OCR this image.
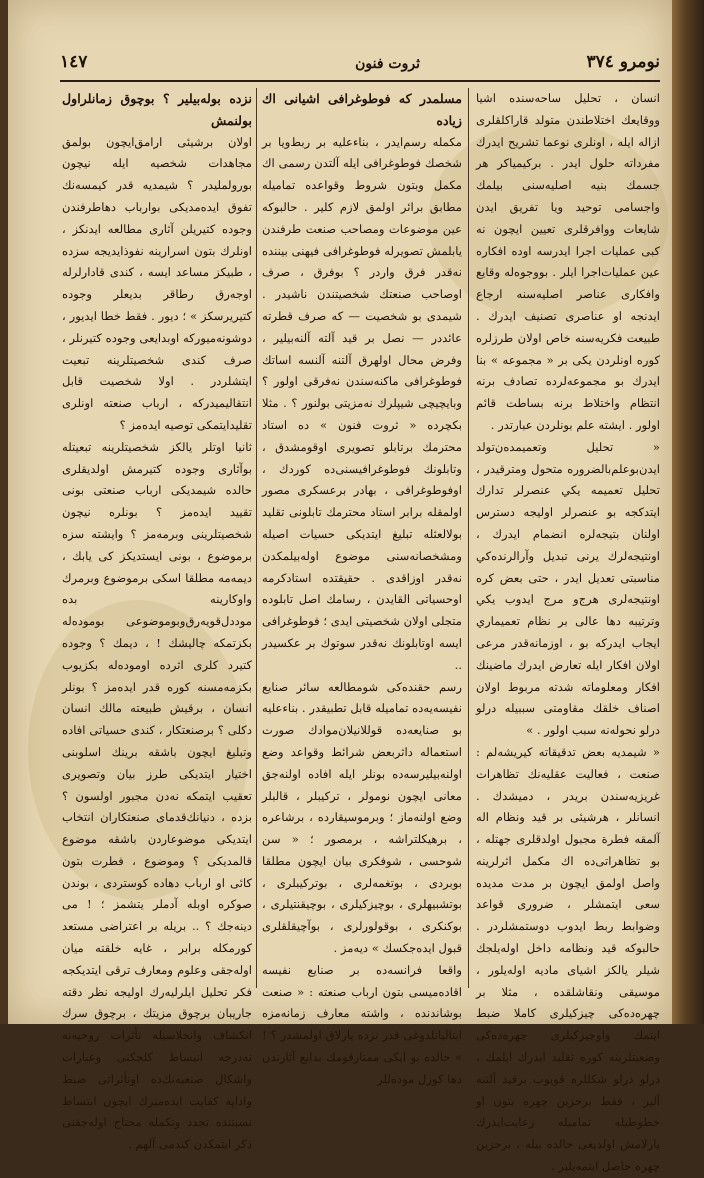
نومرو ٣٧٤
ثروت فنون
١٤٧

انسان ، تحليل ساحه‌سنده اشيا ووقايعك اختلاطندن متولد قاراكلقلرى ازاله ايله ، اونلرى نوعما تشريح ايدرك مفرداته حلول ايدر . بركيمياكر هر جسمك بنيه اصليه‌سنى بيلمك واجسامى توحيد ويا تفريق ايدن شايعات ووافرقلرى تعيين ايچون نه كبى عمليات اجرا ايدرسه اوده افكاره عين عمليات‌اجرا ايلر . بووجوه‌له وقايع وافكارى عناصر اصليه‌سنه ارجاع ايدنجه او عناصرى تصنيف ايدرك . طبيعت فكريه‌سنه خاص اولان طرزلره كوره اونلردن يكى بر « مجموعه » بنا ايدرك بو مجموعه‌لرده تصادف برنه انتظام واختلاط برنه بساطت قائم اولور . ايشته علم بونلردن عبارتدر .

« تحليل وتعميمده‌ن‌تولد ايدن‌بوعلم‌بالضروره متحول ومترقيدر ، تحليل تعميمه يكي عنصرلر تدارك ايتدكجه بو عنصرلر اوليجه دسترس اولنان بتيجه‌لره انضمام ايدرك ، اونتيجه‌لرك يرنى تبديل وآرالرنده‌كي مناسبتى تعديل ايدر ، حتى بعض كره اونتيجه‌لرى هرج‌و مرج ايدوب يكي وترتيبه دها عالى بر نظام تعميماري ايجاب ايدركه بو ، اوزمانه‌قدر مرعى اولان افكار ايله تعارض ايدرك ماضينك افكار ومعلوماته شدته مربوط اولان اصناف خلقك مقاومتى سببيله درلو درلو نحوله‌نه سبب اولور . »

« شيمديه بعض تدقيقاته كيريشه‌لم : صنعت ، فعاليت عقليه‌نك تظاهرات غريزيه‌سندن بريدر ، دميشدك . انسانلر ، هرشيئى بر قيد ونظام اله آلمقه فطرة مجبول اولدقلرى جهتله ، بو تظاهراتى‌ده اك مكمل اثرلرينه واصل اولمق ايچون بر مدت مديده سعى ايتمشلر ، ضرورى قواعد وضوابط ربط ايدوب دوستمشلردر . حالبوكه قيد ونظامه داخل اوله‌يلجك شيلر يالكز اشياى ماديه اوله‌يلور ، موسيقى ونقاشلقده ، مثلا بر چهره‌ده‌كى چيزكيلرى كاملا ضبط ايتمك واوچيزكيلرى چهره‌ده‌كى وضعيتلرينه كوره تقليد ايدرك ايلمك ، درلو درلو شكللره قويوب برقيد آلتنه آلير ، فقط برحزين چهره بتون او خطوطيله تماميله رعايت‌ايدرك يارلامش اولديغى حالده بيله ، برحزين چهره حاصل ايتمه‌يلير .

مسلمدر كه فوطوغرافى اشيانى اك زياده

مكمله رسم‌ايدر ، بناءعليه بر ربط‌ويا بر شخصك فوطوغرافى ايله آلتدن رسمى اك مكمل وبتون شروط وقواعده تماميله مطابق برائر اولمق لازم كلير . حالبوكه عين موضوعات ومصاحب صنعت طرفندن يابلمش تصويرله فوطوغرافى فيهنى بيننده نه‌قدر فرق واردر ؟ بوفرق ، صرف اوصاحب صنعتك شخصيتندن ناشيدر . شيمدى بو شخصيت — كه صرف قطرته عائددر — نصل بر قيد آلته آلنه‌بيلير ، وفرض محال اولهرق آلتنه آلنسه اساتك فوطوغرافى ماكنه‌سندن نه‌فرقى اولور ؟ وبايچيچى شيپلرك نه‌مزيتى بولنور ؟ . مثلا بكچرده « ثروت فنون » ده استاد محترمك برتابلو تصويرى اوقومشدق ، وتابلونك فوطوغرافيسنى‌ده كوردك ، اوفوطوغرافى ، بهادر برعسكرى مصور اولمقله برابر استاد محترمك تابلونى تقليد بولالعثله تبليغ ايتديكى حسيات اصيله ومشخصانه‌سنى موضوع اوله‌بيلمكدن نه‌قدر اوزاقدى . حقيقتده استادكرمه اوحسياتى القايدن ، رسامك اصل تابلوده متجلى اولان شخصيتى ايدى ؛ فوطوغرافى ايسه اوتابلونك نه‌قدر سوتوك بر عكسيدر ..

رسم حقنده‌كى شومطالعه سائر صنايع نفيسه‌يه‌ده تماميله قابل تطبيقدر . بناءعليه بو صنايعه‌ده قوللانيلان‌موادك صورت استعماله داثربعض شرائط وقواعد وضع اولنه‌بيلير‌سه‌ده بونلر ايله افاده اولنه‌جق معانى ايچون نومولر ، تركيبلر ، قالبلر وضع اولنه‌ماز ؛ وبرموسيقارده ، برشاعره ، برهيكلتراشه ، برمصور ؛ « سن شوحسى ، شوفكرى بيان ايچون مطلقا بوبردى ، بوتغمه‌لرى ، بوتركيبلرى ، بوتشبيهلرى ، بوچيزكيلرى ، بوچيقنتيلرى ، بوكنكرى ، بوقولورلرى ، بوآچيقلقلرى قبول ايده‌جكسك » ديه‌مز .

واقعا فرانسه‌ده بر صنايع نفيسه اقاده‌ميسى بتون ارباب صنعته : « صنعت بوشاندنده ، واشته معارف زمانه‌مزه ايتاليانلدوغى قدر نزده يارلاق اولمشدر ؟ ! » حالده بو ايكى ممتازقومك بدايع آثارندن دها كوزل موده‌للر

نزده بوله‌بيلير ؟ بوچوق زمانلراول بولنمش

اولان برشيئى ارامق‌ايچون بولمق مجاهدات شخصيه ايله نيچون بورولمليدر ؟ شيمديه قدر كيمسه‌نك تفوق ايده‌مديكى بوارباب دهاطرفندن وجوده كتيريلن آثارى مطالعه ايدنكز ، اونلرك بتون اسرارينه نفوذايديجه سزده ، طبيكز مساعد ايسه ، كندى قادارلرله اوجه‌رق رطاقر بديعلر وجوده كتيريرسكز » ؛ ديور . فقط خطا ايديور ، دوشونه‌ميوركه اوبدايعى وجوده كتيرنلر ، صرف كندى شخصيتلرينه تبعيت ايتشلردر . اولا شخصيت قابل انتقاليميدركه ، ارباب صنعته اونلرى تقليدايتمكى توصيه ايده‌مز ؟

ثانيا اوتلر يالكز شخصيتلرينه تبعيتله بوآثارى وجوده كتيرمش اولديقلرى حالده شيمديكى ارباب صنعتى بونى تقييد ايده‌مز ؟ بونلره نيچون شخصيتلرينى وبرمه‌مز ؟ وايشته سزه برموضوع ، بونى ايستديكز كى يابك ، ديمه‌مه مطلقا اسكى برموضوع وبرمرك واوكارينه بده موددل‌قويه‌رق‌وبوموضوعى بوموده‌له بكزتمكه چاليشك ! ، ديمك ؟ وجوده كتيرد كلرى اثرده اوموده‌له بكزيوب بكزمه‌مسنه كوره قدر ايده‌مز ؟ بونلر انسان ، برقيش طبيعته مالك انسان دكلى ؟ برصنعتكار ، كندى حسياتى افاده وتبليغ ايچون باشقه برينك اسلوبنى اختيار ايتديكى طرز بيان وتصويرى تعقيب ايتمكه نه‌دن مجبور اولسون ؟ بزده ، دنيانك‌قدماى صنعتكاران انتخاب ايتديكى موضوعاردن باشقه موضوع قالمديكى ؟ وموضوع ، فطرت بتون كائى او ارباب دهاده كوستردى ، بوندن صوكره اوبله آدملر يتشمز ؛ ! مى دينه‌جك ؟ .. بريله بر اعتراضى مستعد كورمكله برابر ، غايه خلقته ميان اوله‌جقى وعلوم ومعارف ترقى ايتديكجه فكر تحليل ايلرليه‌رك اوليجه نظر دقته جاريبان برچوق مزيتك ، برچوق سرك انكشاف وانجلاسيله تأثرات روحيه‌نه نه‌درجه انبساط كلجكنى وعبارات واشكال صنعيه‌نك‌ده اوتأثراتى ضبط واداپه كفايت ايده‌ميرك ايچون ابتساط نسبتنده تجدد وتكمله محتاج اوله‌جقنى ذكر ايتمكدن كندمى آلهم .
